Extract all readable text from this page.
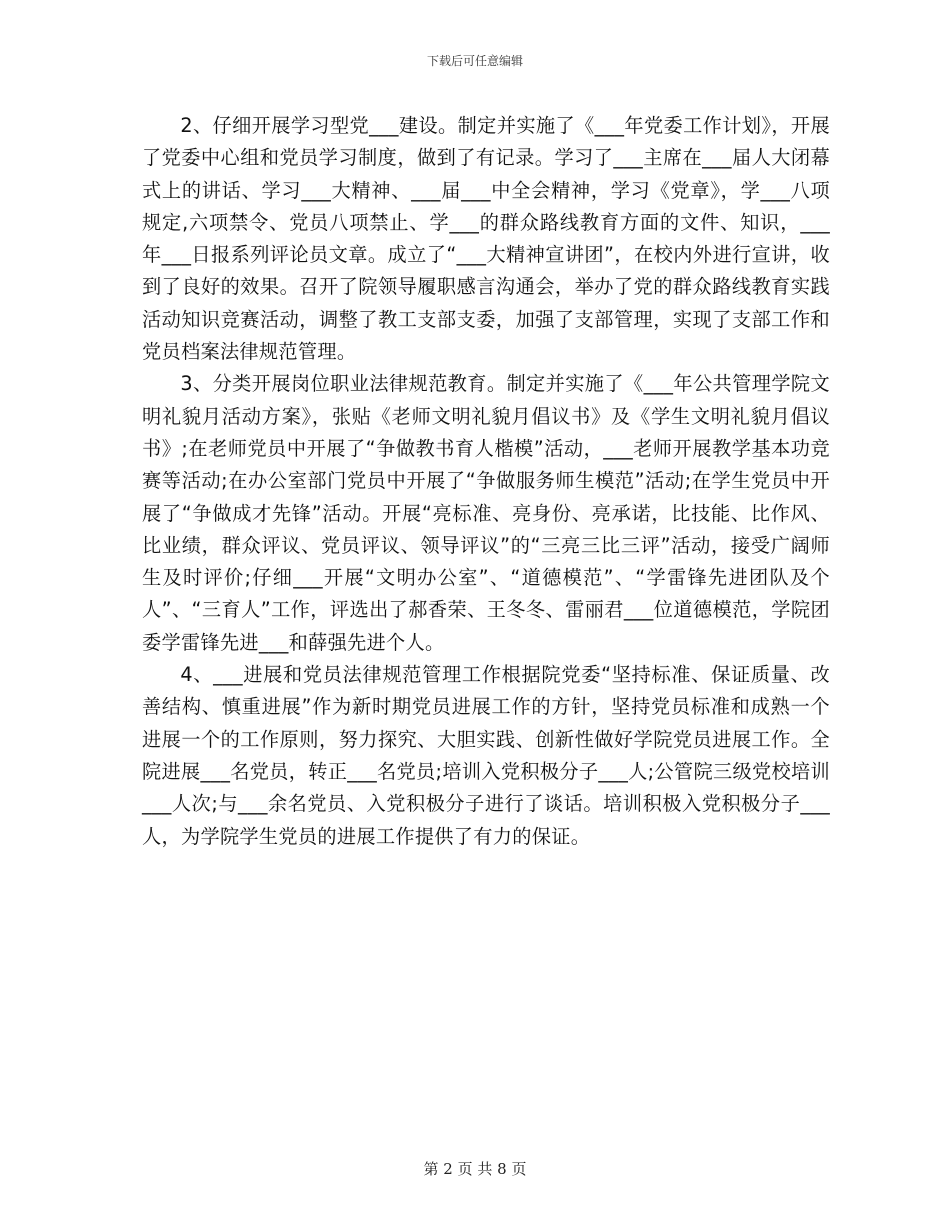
下载后可任意编辑

2、仔细开展学习型党___建设。制定并实施了《___年党委工作计划》，开展了党委中心组和党员学习制度，做到了有记录。学习了___主席在___届人大闭幕式上的讲话、学习___大精神、___届___中全会精神，学习《党章》，学___八项规定,六项禁令、党员八项禁止、学___的群众路线教育方面的文件、知识，___年___日报系列评论员文章。成立了“___大精神宣讲团”，在校内外进行宣讲，收到了良好的效果。召开了院领导履职感言沟通会，举办了党的群众路线教育实践活动知识竞赛活动，调整了教工支部支委，加强了支部管理，实现了支部工作和党员档案法律规范管理。

3、分类开展岗位职业法律规范教育。制定并实施了《___年公共管理学院文明礼貌月活动方案》，张贴《老师文明礼貌月倡议书》及《学生文明礼貌月倡议书》;在老师党员中开展了“争做教书育人楷模”活动，___老师开展教学基本功竞赛等活动;在办公室部门党员中开展了“争做服务师生模范”活动;在学生党员中开展了“争做成才先锋”活动。开展“亮标准、亮身份、亮承诺，比技能、比作风、比业绩，群众评议、党员评议、领导评议”的“三亮三比三评”活动，接受广阔师生及时评价;仔细___开展“文明办公室”、“道德模范”、“学雷锋先进团队及个人”、“三育人”工作，评选出了郝香荣、王冬冬、雷丽君___位道德模范，学院团委学雷锋先进___和薛强先进个人。

4、___进展和党员法律规范管理工作根据院党委“坚持标准、保证质量、改善结构、慎重进展”作为新时期党员进展工作的方针，坚持党员标准和成熟一个进展一个的工作原则，努力探究、大胆实践、创新性做好学院党员进展工作。全院进展___名党员，转正___名党员;培训入党积极分子___人;公管院三级党校培训___人次;与___余名党员、入党积极分子进行了谈话。培训积极入党积极分子___人，为学院学生党员的进展工作提供了有力的保证。

第 2 页 共 8 页
